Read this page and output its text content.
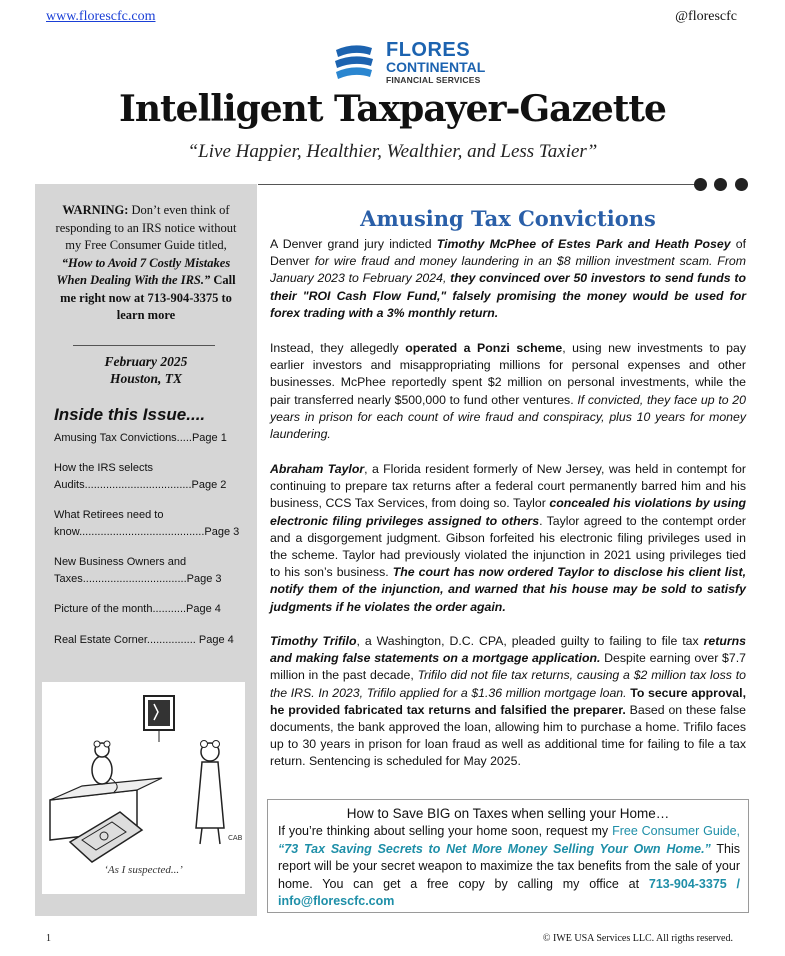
www.florescfc.com	@florescfc
FLORES
CONTINENTAL
FINANCIAL SERVICES
Intelligent Taxpayer-Gazette
“Live Happier, Healthier, Wealthier, and Less Taxier”
WARNING: Don’t even think of responding to an IRS notice without my Free Consumer Guide titled, “How to Avoid 7 Costly Mistakes When Dealing With the IRS.” Call me right now at 713-904-3375 to learn more
February 2025
Houston, TX
Inside this Issue....
Amusing Tax Convictions.....Page 1
How the IRS selects Audits...................................Page 2
What Retirees need to know.........................................Page 3
New Business Owners and Taxes..................................Page 3
Picture of the month...........Page 4
Real Estate Corner................ Page 4
CAB
‘As I suspected...’
Amusing Tax Convictions
A Denver grand jury indicted Timothy McPhee of Estes Park and Heath Posey of Denver for wire fraud and money laundering in an $8 million investment scam. From January 2023 to February 2024, they convinced over 50 investors to send funds to their "ROI Cash Flow Fund," falsely promising the money would be used for forex trading with a 3% monthly return.
Instead, they allegedly operated a Ponzi scheme, using new investments to pay earlier investors and misappropriating millions for personal expenses and other businesses. McPhee reportedly spent $2 million on personal investments, while the pair transferred nearly $500,000 to fund other ventures. If convicted, they face up to 20 years in prison for each count of wire fraud and conspiracy, plus 10 years for money laundering.
Abraham Taylor, a Florida resident formerly of New Jersey, was held in contempt for continuing to prepare tax returns after a federal court permanently barred him and his business, CCS Tax Services, from doing so. Taylor concealed his violations by using electronic filing privileges assigned to others. Taylor agreed to the contempt order and a disgorgement judgment. Gibson forfeited his electronic filing privileges used in the scheme. Taylor had previously violated the injunction in 2021 using privileges tied to his son’s business. The court has now ordered Taylor to disclose his client list, notify them of the injunction, and warned that his house may be sold to satisfy judgments if he violates the order again.
Timothy Trifilo, a Washington, D.C. CPA, pleaded guilty to failing to file tax returns and making false statements on a mortgage application. Despite earning over $7.7 million in the past decade, Trifilo did not file tax returns, causing a $2 million tax loss to the IRS. In 2023, Trifilo applied for a $1.36 million mortgage loan. To secure approval, he provided fabricated tax returns and falsified the preparer. Based on these false documents, the bank approved the loan, allowing him to purchase a home. Trifilo faces up to 30 years in prison for loan fraud as well as additional time for failing to file a tax return. Sentencing is scheduled for May 2025.
How to Save BIG on Taxes when selling your Home…
If you’re thinking about selling your home soon, request my Free Consumer Guide, “73 Tax Saving Secrets to Net More Money Selling Your Own Home.” This report will be your secret weapon to maximize the tax benefits from the sale of your home. You can get a free copy by calling my office at 713-904-3375 / info@florescfc.com
1	© IWE USA Services LLC. All rigths reserved.
